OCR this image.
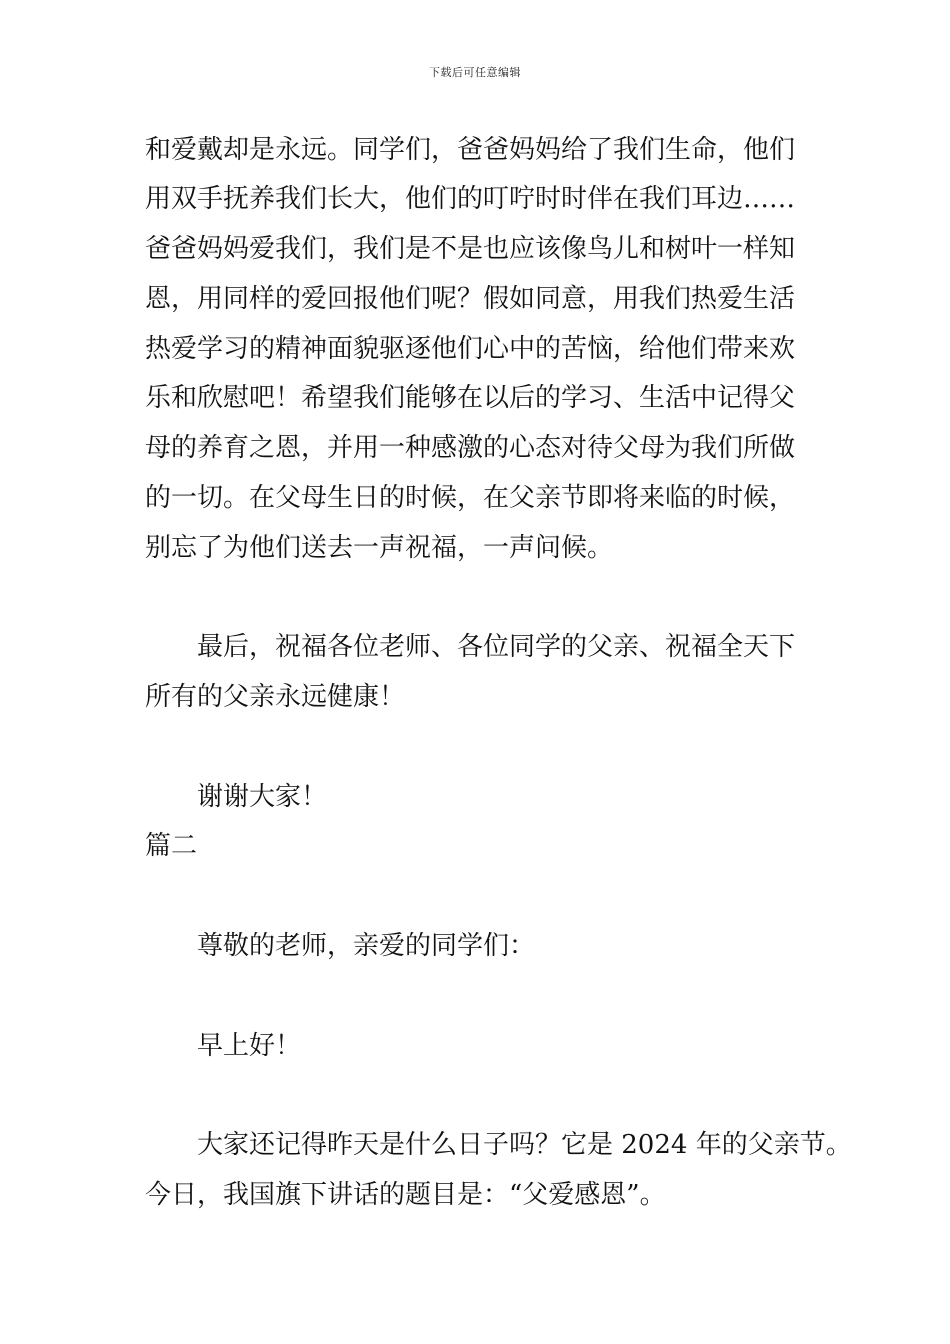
下载后可任意编辑
和爱戴却是永远。同学们，爸爸妈妈给了我们生命，他们
用双手抚养我们长大，他们的叮咛时时伴在我们耳边……
爸爸妈妈爱我们，我们是不是也应该像鸟儿和树叶一样知
恩，用同样的爱回报他们呢？假如同意，用我们热爱生活
热爱学习的精神面貌驱逐他们心中的苦恼，给他们带来欢
乐和欣慰吧！希望我们能够在以后的学习、生活中记得父
母的养育之恩，并用一种感激的心态对待父母为我们所做
的一切。在父母生日的时候，在父亲节即将来临的时候，
别忘了为他们送去一声祝福，一声问候。
最后，祝福各位老师、各位同学的父亲、祝福全天下
所有的父亲永远健康！
谢谢大家！
篇二
尊敬的老师，亲爱的同学们：
早上好！
大家还记得昨天是什么日子吗？它是 2024 年的父亲节。
今日，我国旗下讲话的题目是：“父爱感恩”。
